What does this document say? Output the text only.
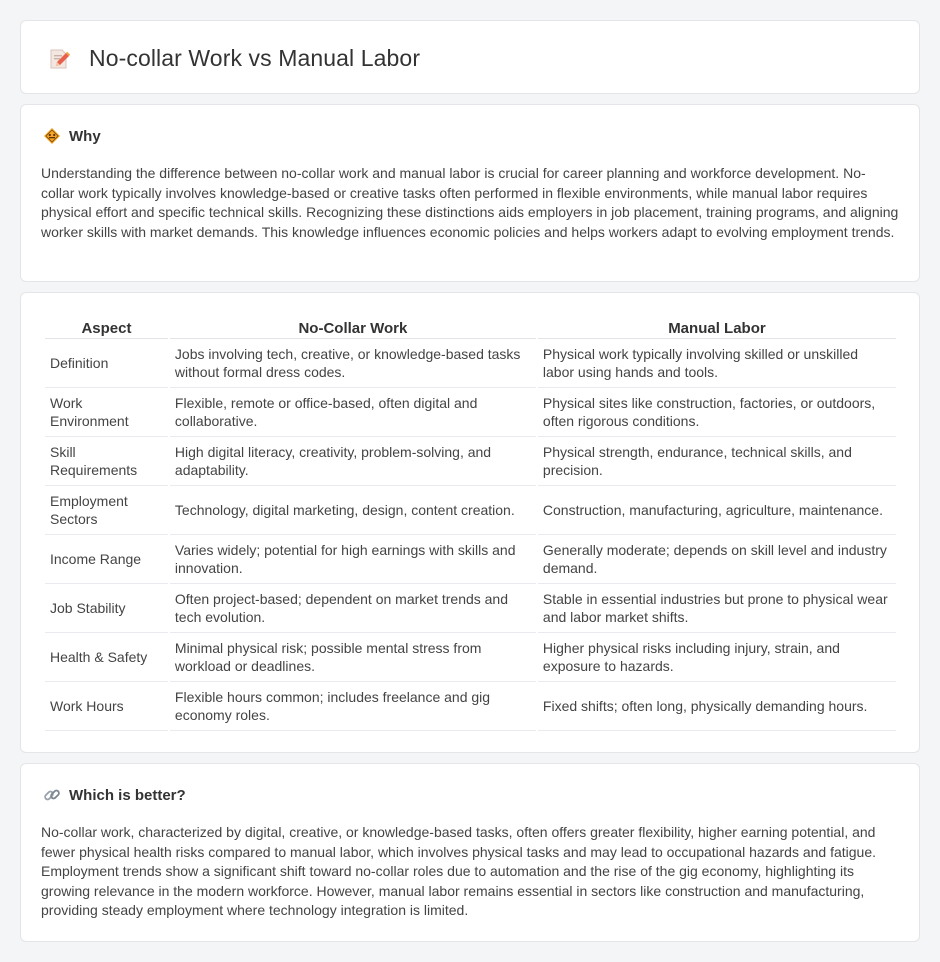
No-collar Work vs Manual Labor
Why

Understanding the difference between no-collar work and manual labor is crucial for career planning and workforce development. No-collar work typically involves knowledge-based or creative tasks often performed in flexible environments, while manual labor requires physical effort and specific technical skills. Recognizing these distinctions aids employers in job placement, training programs, and aligning worker skills with market demands. This knowledge influences economic policies and helps workers adapt to evolving employment trends.

Aspect	No-Collar Work	Manual Labor
Definition	Jobs involving tech, creative, or knowledge-based tasks without formal dress codes.	Physical work typically involving skilled or unskilled labor using hands and tools.
Work Environment	Flexible, remote or office-based, often digital and collaborative.	Physical sites like construction, factories, or outdoors, often rigorous conditions.
Skill Requirements	High digital literacy, creativity, problem-solving, and adaptability.	Physical strength, endurance, technical skills, and precision.
Employment Sectors	Technology, digital marketing, design, content creation.	Construction, manufacturing, agriculture, maintenance.
Income Range	Varies widely; potential for high earnings with skills and innovation.	Generally moderate; depends on skill level and industry demand.
Job Stability	Often project-based; dependent on market trends and tech evolution.	Stable in essential industries but prone to physical wear and labor market shifts.
Health & Safety	Minimal physical risk; possible mental stress from workload or deadlines.	Higher physical risks including injury, strain, and exposure to hazards.
Work Hours	Flexible hours common; includes freelance and gig economy roles.	Fixed shifts; often long, physically demanding hours.
Which is better?

No-collar work, characterized by digital, creative, or knowledge-based tasks, often offers greater flexibility, higher earning potential, and fewer physical health risks compared to manual labor, which involves physical tasks and may lead to occupational hazards and fatigue. Employment trends show a significant shift toward no-collar roles due to automation and the rise of the gig economy, highlighting its growing relevance in the modern workforce. However, manual labor remains essential in sectors like construction and manufacturing, providing steady employment where technology integration is limited.
